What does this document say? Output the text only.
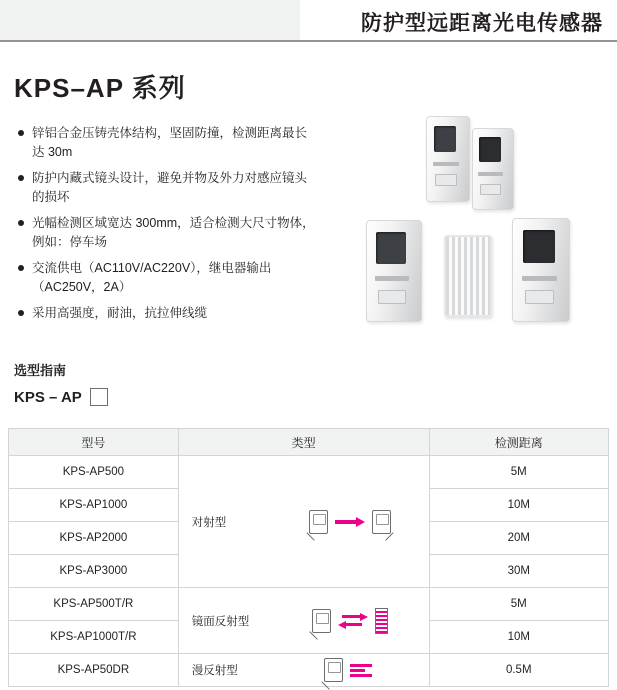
防护型远距离光电传感器
KPS–AP 系列
锌铝合金压铸壳体结构，坚固防撞，检测距离最长达 30m
防护内藏式镜头设计，避免并物及外力对感应镜头的损坏
光幅检测区域宽达 300mm，适合检测大尺寸物体，例如：停车场
交流供电（AC110V/AC220V），继电器输出（AC250V，2A）
采用高强度，耐油，抗拉伸线缆
选型指南
KPS – AP
型号	类型	检测距离
KPS-AP500	对射型	5M
KPS-AP1000		10M
KPS-AP2000		20M
KPS-AP3000		30M
KPS-AP500T/R	镜面反射型	5M
KPS-AP1000T/R		10M
KPS-AP50DR	漫反射型	0.5M
